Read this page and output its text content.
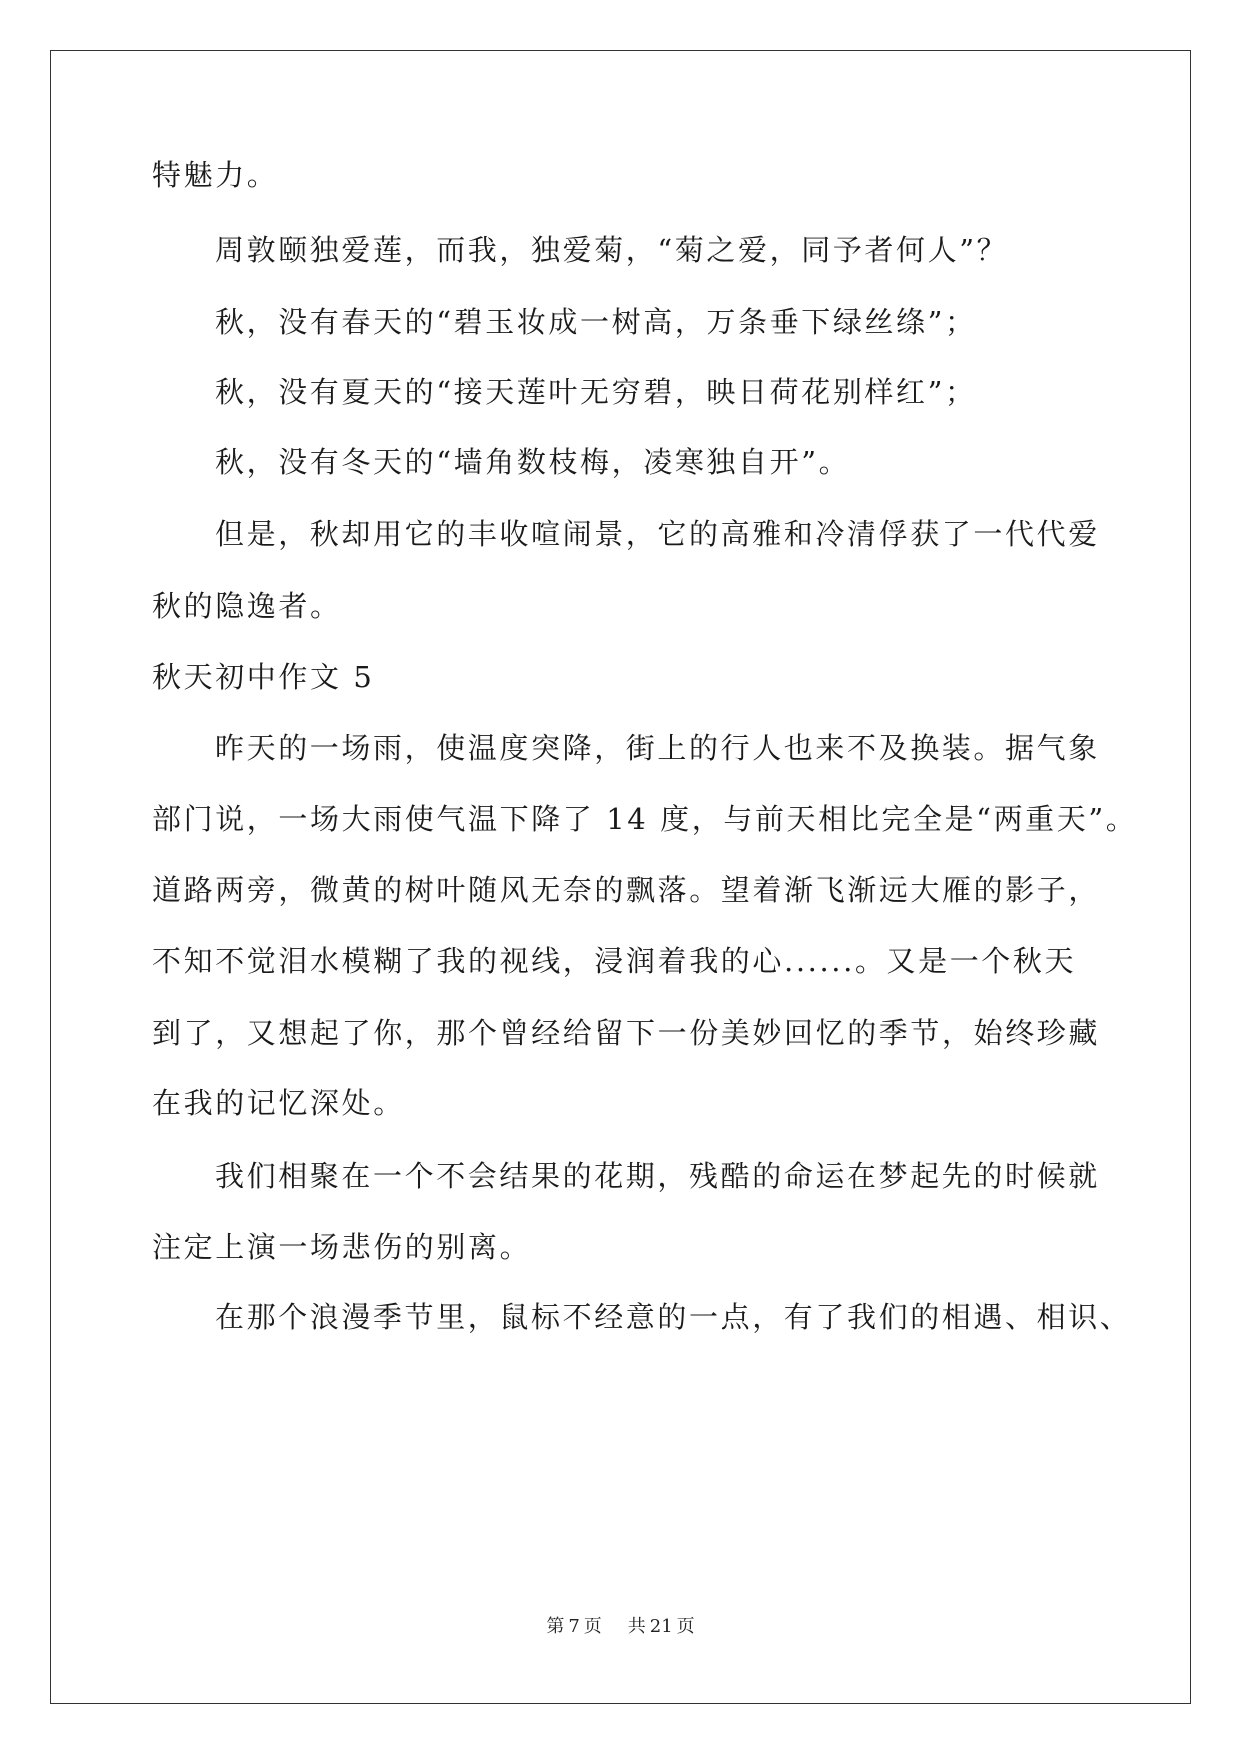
特魅力。
周敦颐独爱莲，而我，独爱菊，“菊之爱，同予者何人”？
秋，没有春天的“碧玉妆成一树高，万条垂下绿丝绦”；
秋，没有夏天的“接天莲叶无穷碧，映日荷花别样红”；
秋，没有冬天的“墙角数枝梅，凌寒独自开”。
但是，秋却用它的丰收喧闹景，它的高雅和冷清俘获了一代代爱
秋的隐逸者。
秋天初中作文 5
昨天的一场雨，使温度突降，街上的行人也来不及换装。据气象
部门说，一场大雨使气温下降了 14 度，与前天相比完全是“两重天”。
道路两旁，微黄的树叶随风无奈的飘落。望着渐飞渐远大雁的影子，
不知不觉泪水模糊了我的视线，浸润着我的心......。又是一个秋天
到了，又想起了你，那个曾经给留下一份美妙回忆的季节，始终珍藏
在我的记忆深处。
我们相聚在一个不会结果的花期，残酷的命运在梦起先的时候就
注定上演一场悲伤的别离。
在那个浪漫季节里，鼠标不经意的一点，有了我们的相遇、相识、
第 7 页 共 21 页
